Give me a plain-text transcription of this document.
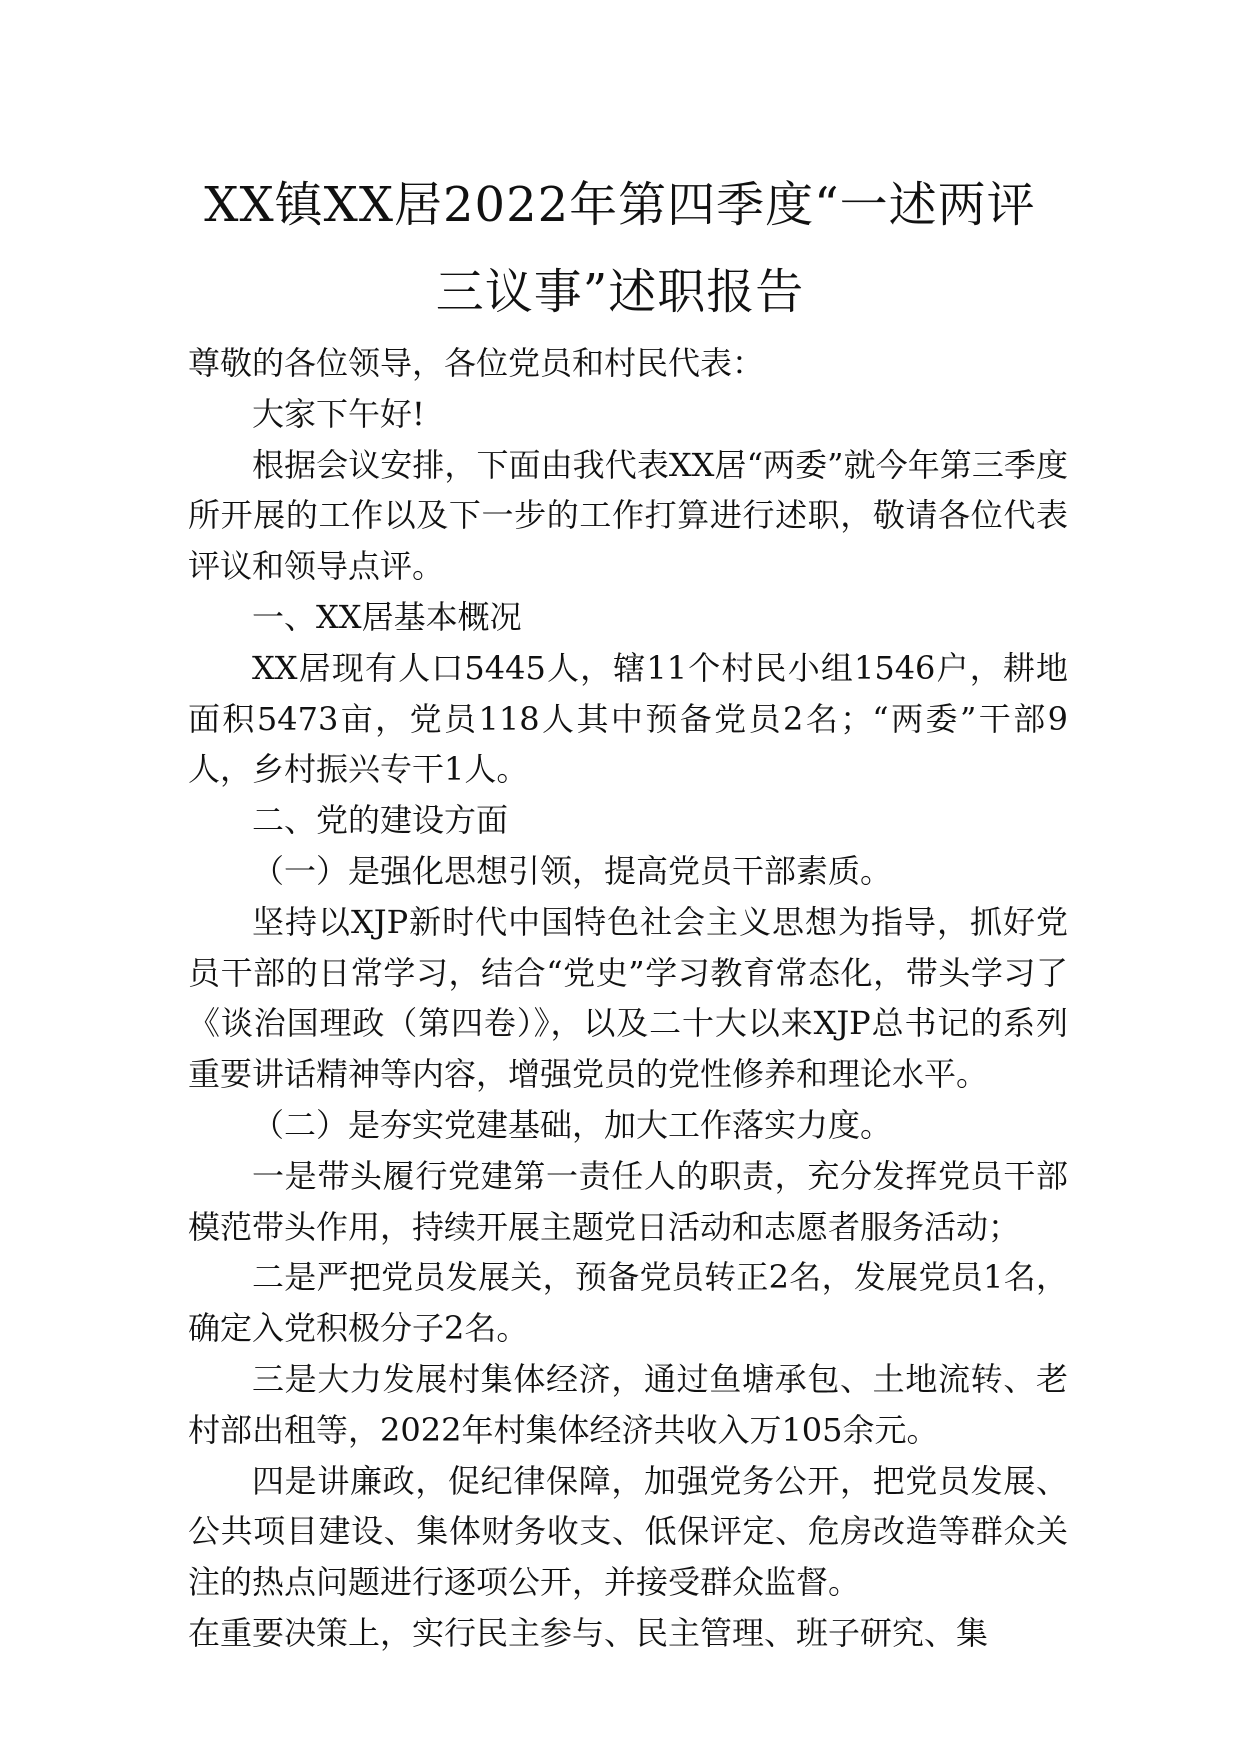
XX镇XX居2022年第四季度“一述两评
三议事”述职报告

尊敬的各位领导，各位党员和村民代表：

大家下午好!

根据会议安排，下面由我代表XX居“两委”就今年第三季度所开展的工作以及下一步的工作打算进行述职，敬请各位代表评议和领导点评。

一、XX居基本概况

XX居现有人口5445人，辖11个村民小组1546户，耕地面积5473亩，党员118人其中预备党员2名；“两委”干部9人，乡村振兴专干1人。

二、党的建设方面

（一）是强化思想引领，提高党员干部素质。

坚持以XJP新时代中国特色社会主义思想为指导，抓好党员干部的日常学习，结合“党史”学习教育常态化，带头学习了《谈治国理政（第四卷）》，以及二十大以来XJP总书记的系列重要讲话精神等内容，增强党员的党性修养和理论水平。

（二）是夯实党建基础，加大工作落实力度。

一是带头履行党建第一责任人的职责，充分发挥党员干部模范带头作用，持续开展主题党日活动和志愿者服务活动；

二是严把党员发展关，预备党员转正2名，发展党员1名，确定入党积极分子2名。

三是大力发展村集体经济，通过鱼塘承包、土地流转、老村部出租等，2022年村集体经济共收入万105余元。

四是讲廉政，促纪律保障，加强党务公开，把党员发展、公共项目建设、集体财务收支、低保评定、危房改造等群众关注的热点问题进行逐项公开，并接受群众监督。

在重要决策上，实行民主参与、民主管理、班子研究、集
